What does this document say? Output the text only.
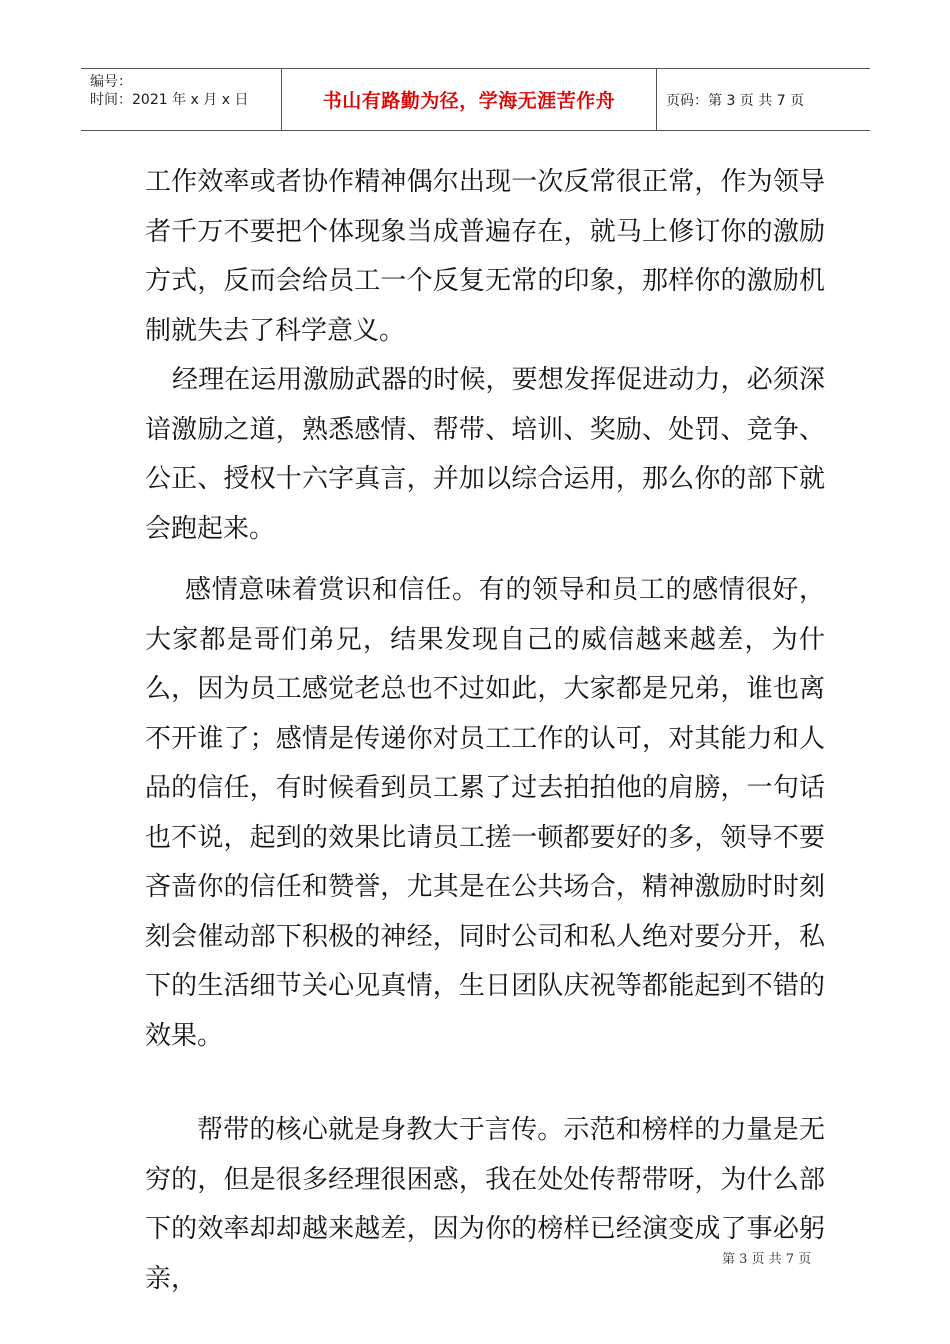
编号：
时间：2021 年 x 月 x 日	书山有路勤为径，学海无涯苦作舟	页码：第 3 页 共 7 页

工作效率或者协作精神偶尔出现一次反常很正常，作为领导者千万不要把个体现象当成普遍存在，就马上修订你的激励方式，反而会给员工一个反复无常的印象，那样你的激励机制就失去了科学意义。

经理在运用激励武器的时候，要想发挥促进动力，必须深谙激励之道，熟悉感情、帮带、培训、奖励、处罚、竞争、公正、授权十六字真言，并加以综合运用，那么你的部下就会跑起来。

感情意味着赏识和信任。有的领导和员工的感情很好，大家都是哥们弟兄，结果发现自己的威信越来越差，为什么，因为员工感觉老总也不过如此，大家都是兄弟，谁也离不开谁了；感情是传递你对员工工作的认可，对其能力和人品的信任，有时候看到员工累了过去拍拍他的肩膀，一句话也不说，起到的效果比请员工搓一顿都要好的多，领导不要吝啬你的信任和赞誉，尤其是在公共场合，精神激励时时刻刻会催动部下积极的神经，同时公司和私人绝对要分开，私下的生活细节关心见真情，生日团队庆祝等都能起到不错的效果。

帮带的核心就是身教大于言传。示范和榜样的力量是无穷的，但是很多经理很困惑，我在处处传帮带呀，为什么部下的效率却却越来越差，因为你的榜样已经演变成了事必躬亲，

第 3 页 共 7 页
